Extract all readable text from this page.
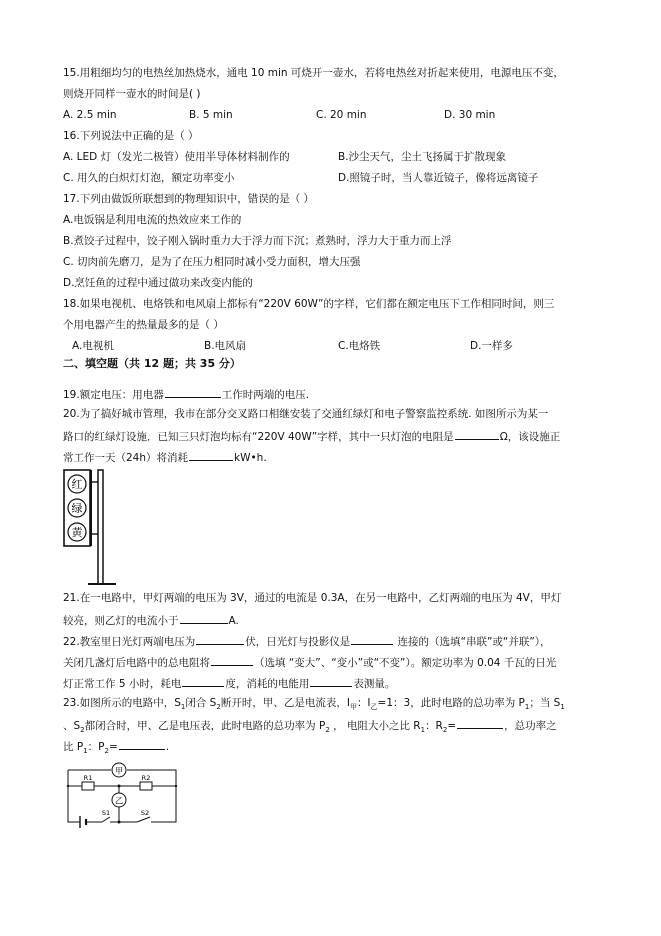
15.用粗细均匀的电热丝加热烧水，通电 10 min 可烧开一壶水，若将电热丝对折起来使用，电源电压不变，
则烧开同样一壶水的时间是( )
A. 2.5 min	B. 5 min	C. 20 min	D. 30 min
16.下列说法中正确的是（ ）
A. LED 灯（发光二极管）使用半导体材料制作的	B.沙尘天气，尘土飞扬属于扩散现象
C. 用久的白炽灯灯泡，额定功率变小	D.照镜子时，当人靠近镜子，像将远离镜子
17.下列由做饭所联想到的物理知识中，错误的是（ ）
A.电饭锅是利用电流的热效应来工作的
B.煮饺子过程中，饺子刚入锅时重力大于浮力而下沉；煮熟时，浮力大于重力而上浮
C. 切肉前先磨刀，是为了在压力相同时减小受力面积，增大压强
D.烹饪鱼的过程中通过做功来改变内能的
18.如果电视机、电烙铁和电风扇上都标有“220V 60W”的字样，它们都在额定电压下工作相同时间，则三
个用电器产生的热量最多的是（ ）
A.电视机	B.电风扇	C.电烙铁	D.一样多
二、填空题（共 12 题；共 35 分）
19.额定电压：用电器	工作时两端的电压.
20.为了搞好城市管理，我市在部分交叉路口相继安装了交通红绿灯和电子警察监控系统. 如图所示为某一
路口的红绿灯设施．已知三只灯泡均标有“220V 40W”字样，其中一只灯泡的电阻是	Ω，该设施正
常工作一天（24h）将消耗	kW•h.
红
绿
黄
21.在一电路中，甲灯两端的电压为 3V，通过的电流是 0.3A，在另一电路中，乙灯两端的电压为 4V，甲灯
较亮，则乙灯的电流小于	A.
22.教室里日光灯两端电压为	伏，日光灯与投影仪是	连接的（选填“串联”或“并联”），
关闭几盏灯后电路中的总电阻将	（选填 “变大”、“变小”或“不变”）。额定功率为 0.04 千瓦的日光
灯正常工作 5 小时，耗电	度，消耗的电能用	表测量。
23.如图所示的电路中，$S_1$闭合 $S_2$断开时，甲、乙是电流表，$I_甲$：$I_乙=1$：3，此时电路的总功率为 $P_1$；当 $S_1$
、$S_2$都闭合时，甲、乙是电压表，此时电路的总功率为 $P_2$ ， 电阻大小之比 $R_1$：$R_2=$	，总功率之
比 $P_1$：$P_2=$	.
甲
乙
R1	R2
S1	S2
